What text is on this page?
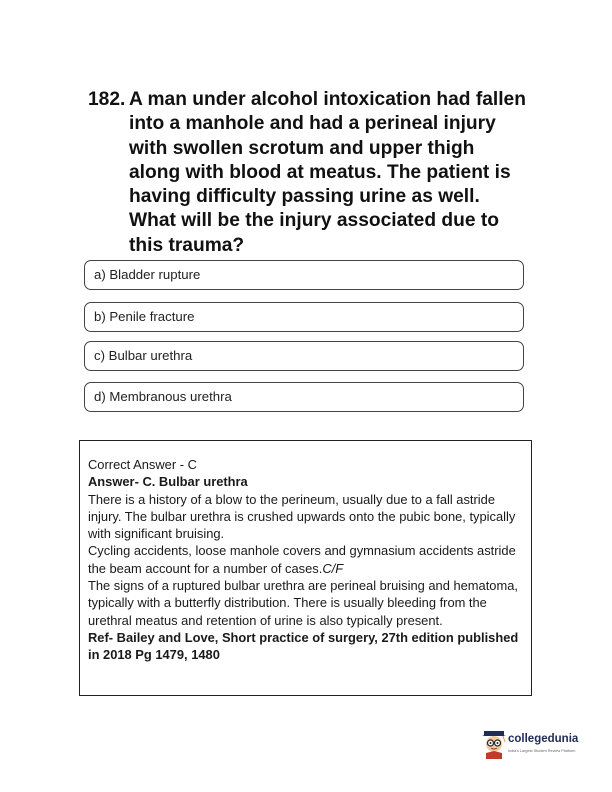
182. A man under alcohol intoxication had fallen into a manhole and had a perineal injury with swollen scrotum and upper thigh along with blood at meatus. The patient is having difficulty passing urine as well. What will be the injury associated due to this trauma?
a) Bladder rupture
b) Penile fracture
c) Bulbar urethra
d) Membranous urethra

Correct Answer - C

Answer- C. Bulbar urethra

There is a history of a blow to the perineum, usually due to a fall astride injury. The bulbar urethra is crushed upwards onto the pubic bone, typically with significant bruising.

Cycling accidents, loose manhole covers and gymnasium accidents astride the beam account for a number of cases.C/F

The signs of a ruptured bulbar urethra are perineal bruising and hematoma, typically with a butterfly distribution. There is usually bleeding from the urethral meatus and retention of urine is also typically present.

Ref- Bailey and Love, Short practice of surgery, 27th edition published in 2018 Pg 1479, 1480

collegedunia
India's Largest Student Review Platform
